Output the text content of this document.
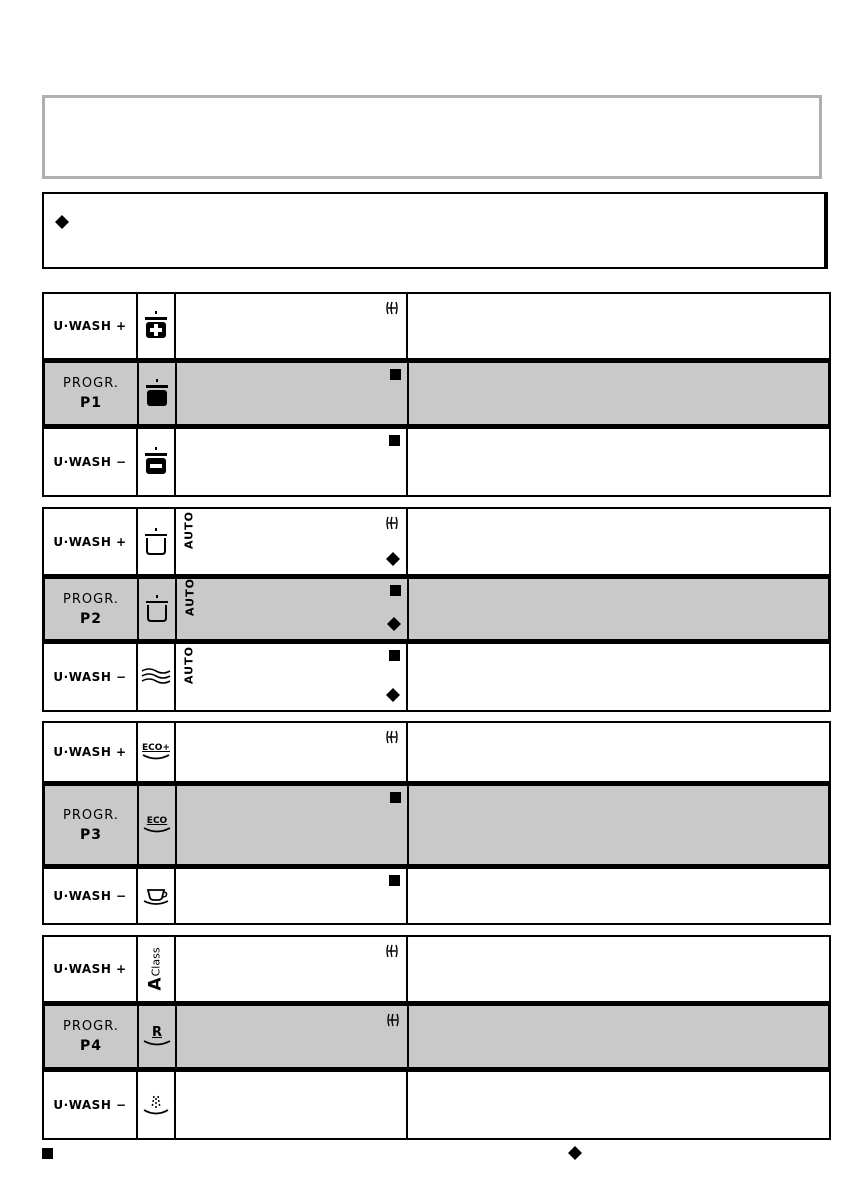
U·WASH +
PROGR.
P1
U·WASH −
U·WASH +	AUTO
PROGR.
P2
AUTO
U·WASH −	AUTO
U·WASH + ECO+
PROGR.
P3
ECO
U·WASH −
U·WASH +
A
Class
PROGR.
P4
R
U·WASH −
